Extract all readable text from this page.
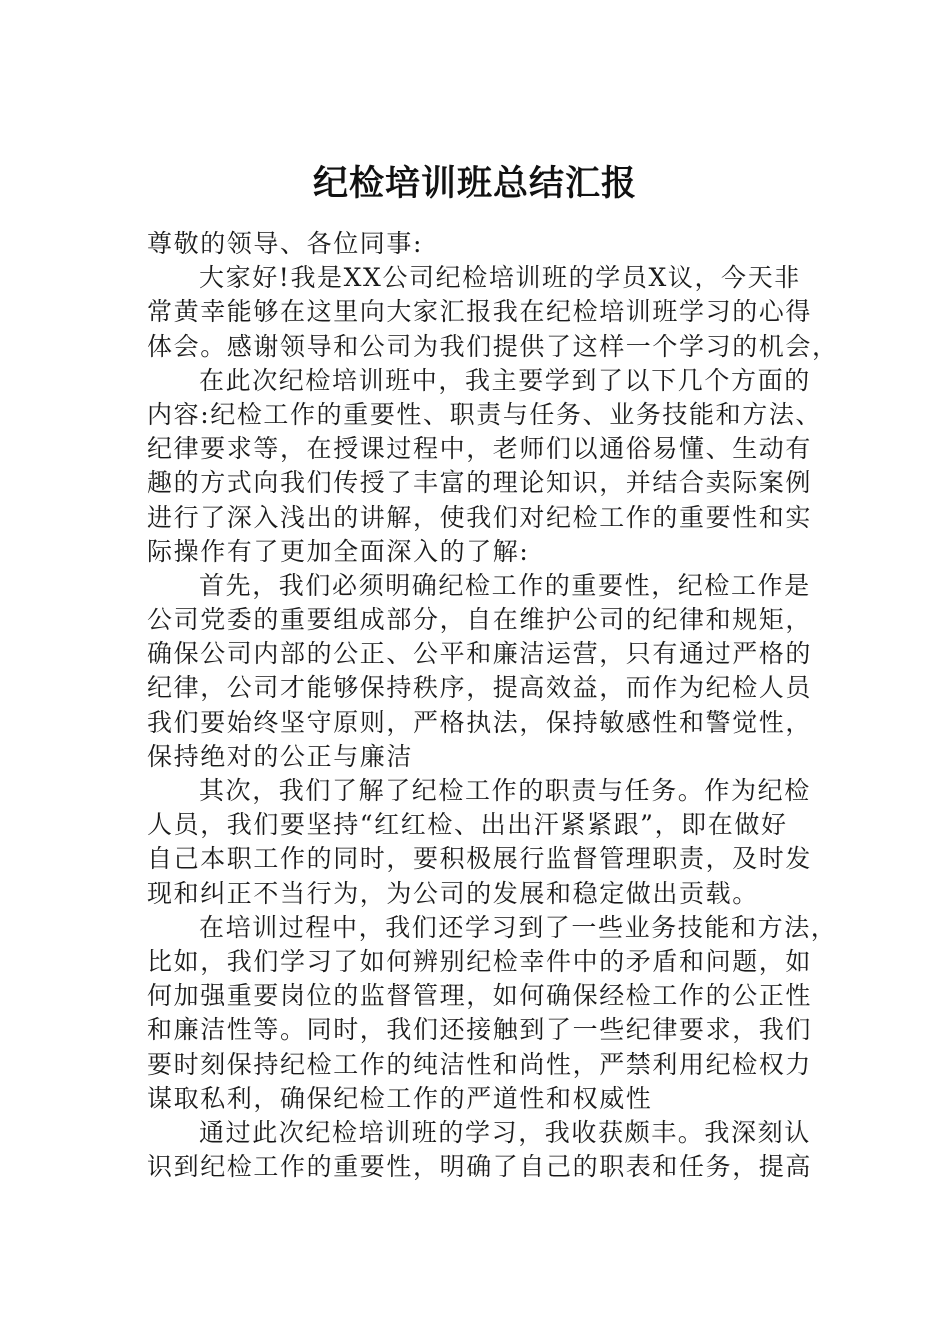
纪检培训班总结汇报
尊敬的领导、各位同事:
大家好!我是XX公司纪检培训班的学员X议，今天非
常黄幸能够在这里向大家汇报我在纪检培训班学习的心得
体会。感谢领导和公司为我们提供了这样一个学习的机会，
在此次纪检培训班中，我主要学到了以下几个方面的
内容:纪检工作的重要性、职责与任务、业务技能和方法、
纪律要求等，在授课过程中，老师们以通俗易懂、生动有
趣的方式向我们传授了丰富的理论知识，并结合卖际案例
进行了深入浅出的讲解，使我们对纪检工作的重要性和实
际操作有了更加全面深入的了解:
首先，我们必须明确纪检工作的重要性，纪检工作是
公司党委的重要组成部分，自在维护公司的纪律和规矩，
确保公司内部的公正、公平和廉洁运营，只有通过严格的
纪律，公司才能够保持秩序，提高效益，而作为纪检人员
我们要始终坚守原则，严格执法，保持敏感性和警觉性，
保持绝对的公正与廉洁
其次，我们了解了纪检工作的职责与任务。作为纪检
人员，我们要坚持“红红检、出出汗紧紧跟”，即在做好
自己本职工作的同时，要积极展行监督管理职责，及时发
现和纠正不当行为，为公司的发展和稳定做出贡载。
在培训过程中，我们还学习到了一些业务技能和方法，
比如，我们学习了如何辨别纪检幸件中的矛盾和问题，如
何加强重要岗位的监督管理，如何确保经检工作的公正性
和廉洁性等。同时，我们还接触到了一些纪律要求，我们
要时刻保持纪检工作的纯洁性和尚性，严禁利用纪检权力
谋取私利，确保纪检工作的严道性和权威性
通过此次纪检培训班的学习，我收获颇丰。我深刻认
识到纪检工作的重要性，明确了自己的职表和任务，提高
